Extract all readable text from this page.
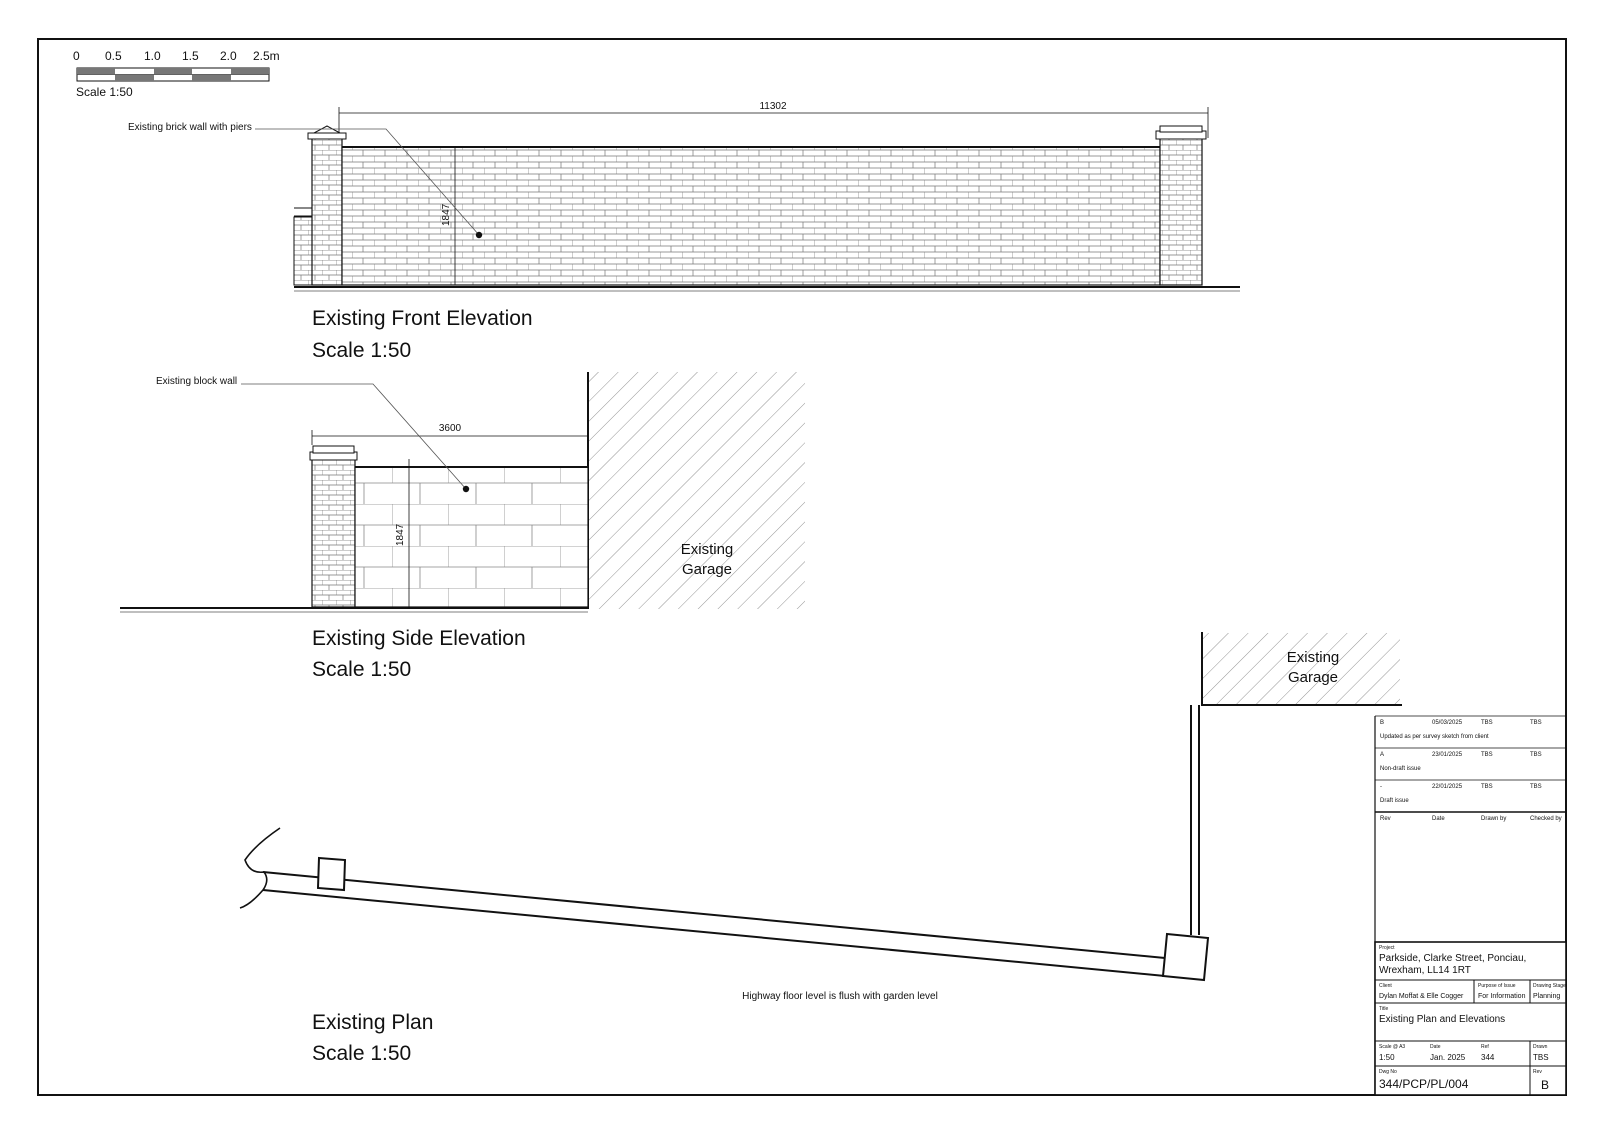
0 0.5 1.0 1.5 2.0 2.5m
Scale 1:50
11302
1847
Existing brick wall with piers
Existing Front Elevation
Scale 1:50
Existing
Garage
3600
1847
Existing block wall
Existing Side Elevation
Scale 1:50
Existing
Garage
Highway floor level is flush with garden level
Existing Plan
Scale 1:50
B	05/03/2025	TBS	TBS
Updated as per survey sketch from client
A	23/01/2025	TBS	TBS
Non-draft issue
-	22/01/2025	TBS	TBS
Draft issue
Rev	Date	Drawn by	Checked by
Project
Parkside, Clarke Street, Ponciau,
Wrexham, LL14 1RT
Client
Dylan Moffat & Elle Cogger
Purpose of Issue
For Information
Drawing Stage
Planning
Title
Existing Plan and Elevations
Scale @ A3
1:50
Date
Jan. 2025
Ref
344
Drawn
TBS
Dwg No
344/PCP/PL/004
Rev
B
